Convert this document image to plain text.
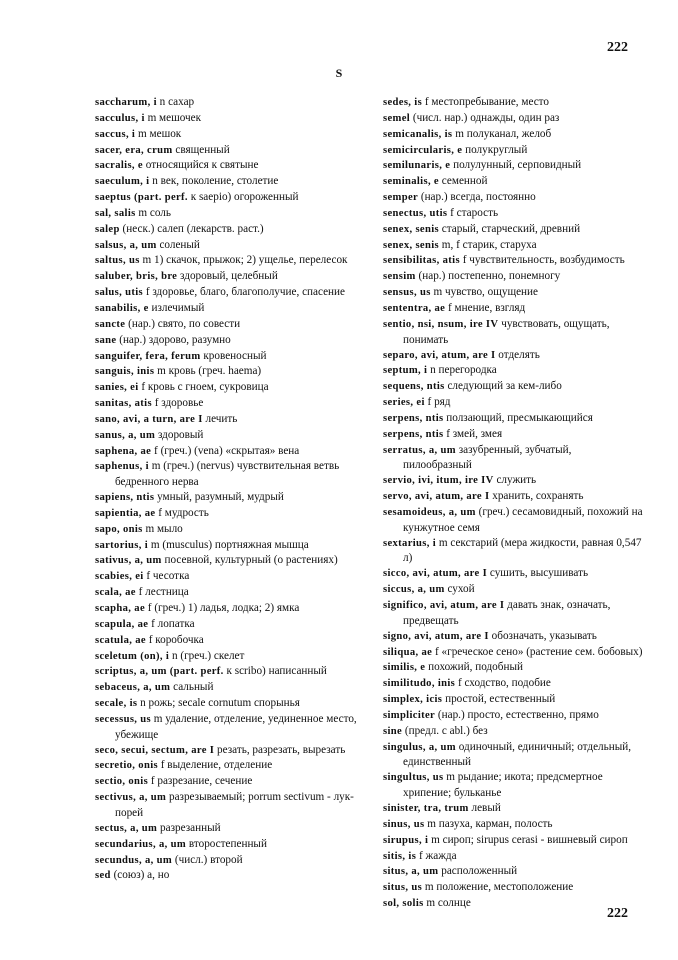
222
S
saccharum, i n сахар
sacculus, i m мешочек
saccus, i m мешок
sacer, era, crum священный
sacralis, e относящийся к святыне
saeculum, i n век, поколение, столетие
saeptus (part. perf. к saepio) огороженный
sal, salis m соль
salep (неск.) салеп (лекарств. раст.)
salsus, a, um соленый
saltus, us m 1) скачок, прыжок; 2) ущелье, перелесок
saluber, bris, bre здоровый, целебный
salus, utis f здоровье, благо, благополучие, спасение
sanabilis, e излечимый
sancte (нар.) свято, по совести
sane (нар.) здорово, разумно
sanguifer, fera, ferum кровеносный
sanguis, inis m кровь (греч. haema)
sanies, ei f кровь с гноем, сукровица
sanitas, atis f здоровье
sano, avi, a turn, are I лечить
sanus, a, um здоровый
saphena, ae f (греч.) (vena) «скрытая» вена
saphenus, i m (греч.) (nervus) чувствительная ветвь бедренного нерва
sapiens, ntis умный, разумный, мудрый
sapientia, ae f мудрость
sapo, onis m мыло
sartorius, i m (musculus) портняжная мышца
sativus, a, um посевной, культурный (о растениях)
scabies, ei f чесотка
scala, ae f лестница
scapha, ae f (греч.) 1) ладья, лодка; 2) ямка
scapula, ae f лопатка
scatula, ae f коробочка
sceletum (on), i n (греч.) скелет
scriptus, a, um (part. perf. к scribo) написанный
sebaceus, a, um сальный
secale, is n рожь; secale cornutum спорынья
secessus, us m удаление, отделение, уединенное место, убежище
seco, secui, sectum, are I резать, разрезать, вырезать
secretio, onis f выделение, отделение
sectio, onis f разрезание, сечение
sectivus, a, um разрезываемый; porrum sectivum - лук-порей
sectus, a, um разрезанный
secundarius, a, um второстепенный
secundus, a, um (числ.) второй
sed (союз) а, но
sedes, is f местопребывание, место
semel (числ. нар.) однажды, один раз
semicanalis, is m полуканал, желоб
semicircularis, e полукруглый
semilunaris, e полулунный, серповидный
seminalis, e семенной
semper (нар.) всегда, постоянно
senectus, utis f старость
senex, senis старый, старческий, древний
senex, senis m, f старик, старуха
sensibilitas, atis f чувствительность, возбудимость
sensim (нар.) постепенно, понемногу
sensus, us m чувство, ощущение
sententra, ae f мнение, взгляд
sentio, nsi, nsum, ire IV чувствовать, ощущать, понимать
separo, avi, atum, are I отделять
septum, i n перегородка
sequens, ntis следующий за кем-либо
series, ei f ряд
serpens, ntis ползающий, пресмыкающийся
serpens, ntis f змей, змея
serratus, a, um зазубренный, зубчатый, пилообразный
servio, ivi, itum, ire IV служить
servo, avi, atum, are I хранить, сохранять
sesamoideus, a, um (греч.) сесамовидный, похожий на кунжутное семя
sextarius, i m секстарий (мера жидкости, равная 0,547 л)
sicco, avi, atum, are I сушить, высушивать
siccus, a, um сухой
significo, avi, atum, are I давать знак, означать, предвещать
signo, avi, atum, are I обозначать, указывать
siliqua, ae f «греческое сено» (растение сем. бобовых)
similis, e похожий, подобный
similitudo, inis f сходство, подобие
simplex, icis простой, естественный
simpliciter (нар.) просто, естественно, прямо
sine (предл. с abl.) без
singulus, a, um одиночный, единичный; отдельный, единственный
singultus, us m рыдание; икота; предсмертное хрипение; бульканье
sinister, tra, trum левый
sinus, us m пазуха, карман, полость
sirupus, i m сироп; sirupus cerasi - вишневый сироп
sitis, is f жажда
situs, a, um расположенный
situs, us m положение, местоположение
sol, solis m солнце
222
